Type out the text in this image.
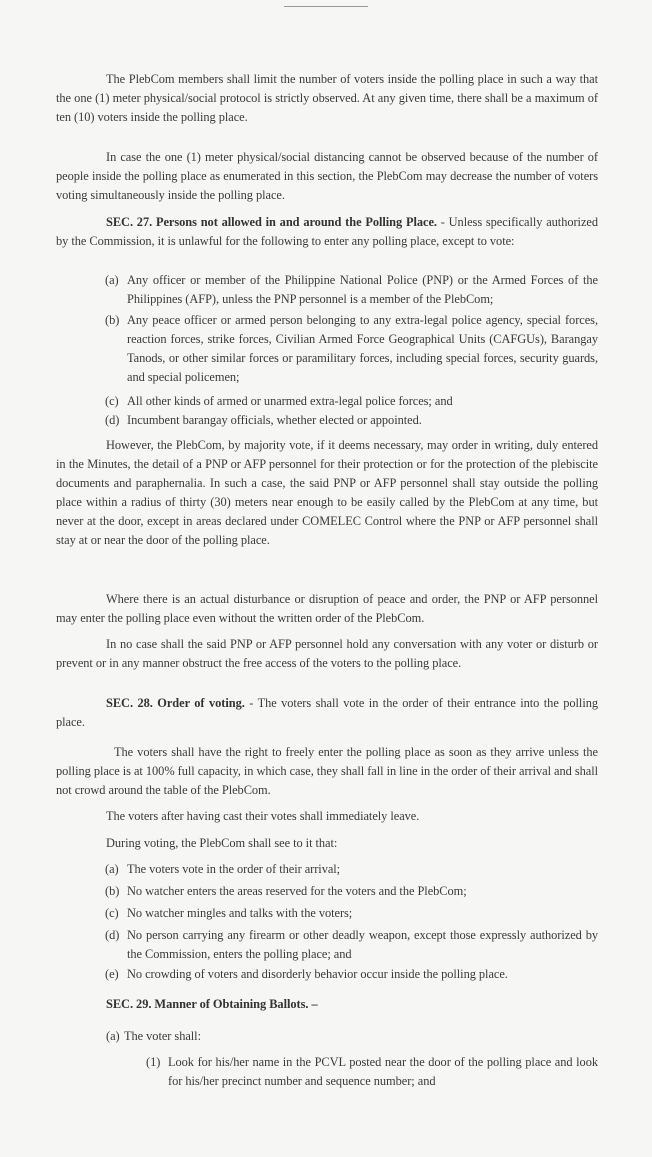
The PlebCom members shall limit the number of voters inside the polling place in such a way that the one (1) meter physical/social protocol is strictly observed. At any given time, there shall be a maximum of ten (10) voters inside the polling place.

In case the one (1) meter physical/social distancing cannot be observed because of the number of people inside the polling place as enumerated in this section, the PlebCom may decrease the number of voters voting simultaneously inside the polling place.

SEC. 27. Persons not allowed in and around the Polling Place. - Unless specifically authorized by the Commission, it is unlawful for the following to enter any polling place, except to vote:

(a) Any officer or member of the Philippine National Police (PNP) or the Armed Forces of the Philippines (AFP), unless the PNP personnel is a member of the PlebCom;
(b) Any peace officer or armed person belonging to any extra-legal police agency, special forces, reaction forces, strike forces, Civilian Armed Force Geographical Units (CAFGUs), Barangay Tanods, or other similar forces or paramilitary forces, including special forces, security guards, and special policemen;
(c) All other kinds of armed or unarmed extra-legal police forces; and
(d) Incumbent barangay officials, whether elected or appointed.

However, the PlebCom, by majority vote, if it deems necessary, may order in writing, duly entered in the Minutes, the detail of a PNP or AFP personnel for their protection or for the protection of the plebiscite documents and paraphernalia. In such a case, the said PNP or AFP personnel shall stay outside the polling place within a radius of thirty (30) meters near enough to be easily called by the PlebCom at any time, but never at the door, except in areas declared under COMELEC Control where the PNP or AFP personnel shall stay at or near the door of the polling place.

Where there is an actual disturbance or disruption of peace and order, the PNP or AFP personnel may enter the polling place even without the written order of the PlebCom.

In no case shall the said PNP or AFP personnel hold any conversation with any voter or disturb or prevent or in any manner obstruct the free access of the voters to the polling place.

SEC. 28. Order of voting. - The voters shall vote in the order of their entrance into the polling place.

The voters shall have the right to freely enter the polling place as soon as they arrive unless the polling place is at 100% full capacity, in which case, they shall fall in line in the order of their arrival and shall not crowd around the table of the PlebCom.

The voters after having cast their votes shall immediately leave.

During voting, the PlebCom shall see to it that:

(a) The voters vote in the order of their arrival;
(b) No watcher enters the areas reserved for the voters and the PlebCom;
(c) No watcher mingles and talks with the voters;
(d) No person carrying any firearm or other deadly weapon, except those expressly authorized by the Commission, enters the polling place; and
(e) No crowding of voters and disorderly behavior occur inside the polling place.

SEC. 29. Manner of Obtaining Ballots. –

(a) The voter shall:
(1) Look for his/her name in the PCVL posted near the door of the polling place and look for his/her precinct number and sequence number; and
